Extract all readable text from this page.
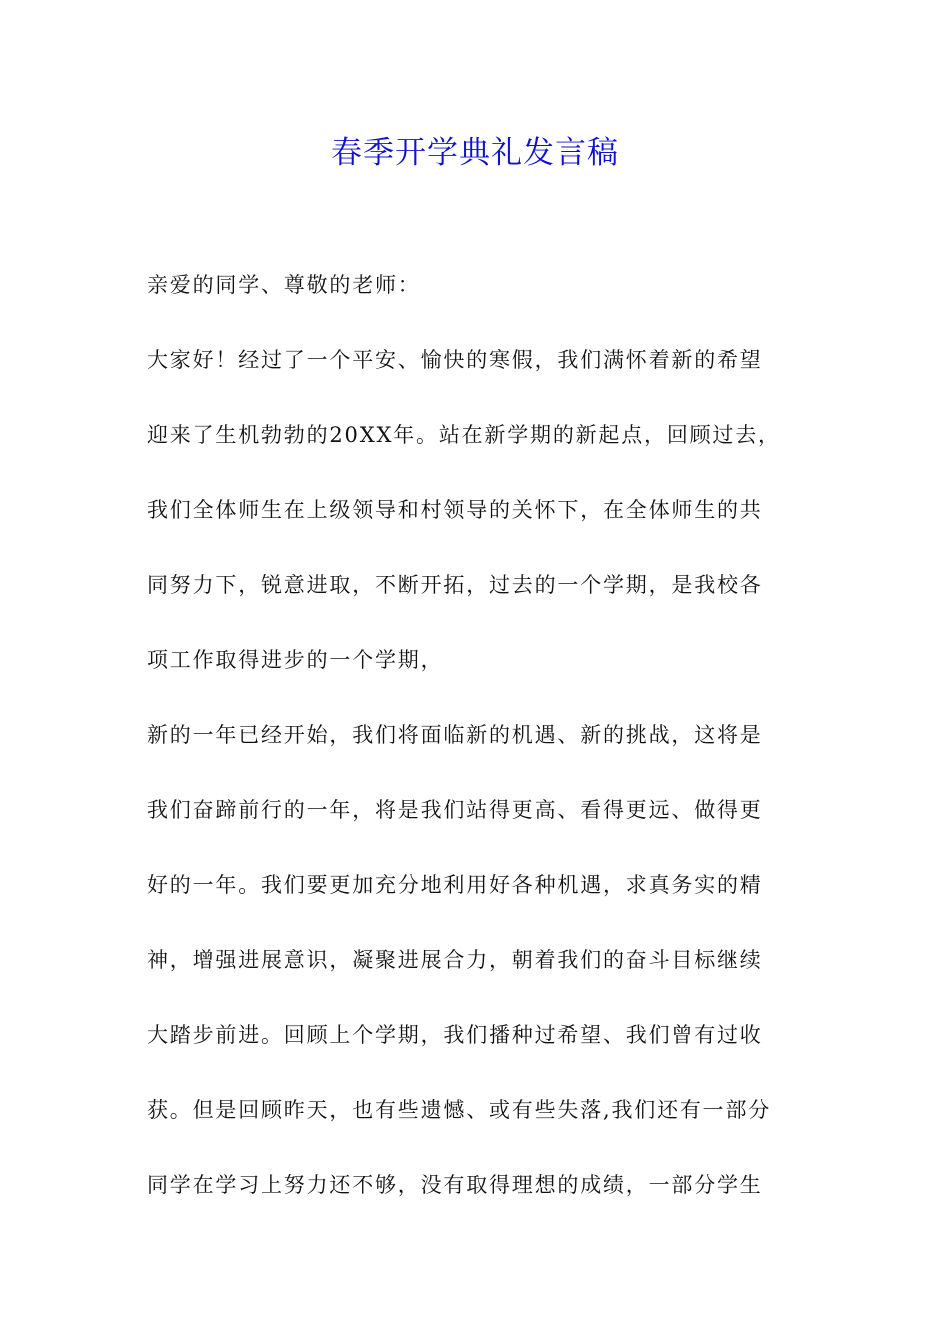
春季开学典礼发言稿
亲爱的同学、尊敬的老师：
大家好！经过了一个平安、愉快的寒假，我们满怀着新的希望
迎来了生机勃勃的20XX年。站在新学期的新起点，回顾过去，
我们全体师生在上级领导和村领导的关怀下，在全体师生的共
同努力下，锐意进取，不断开拓，过去的一个学期，是我校各
项工作取得进步的一个学期，
新的一年已经开始，我们将面临新的机遇、新的挑战，这将是
我们奋蹄前行的一年，将是我们站得更高、看得更远、做得更
好的一年。我们要更加充分地利用好各种机遇，求真务实的精
神，增强进展意识，凝聚进展合力，朝着我们的奋斗目标继续
大踏步前进。回顾上个学期，我们播种过希望、我们曾有过收
获。但是回顾昨天，也有些遗憾、或有些失落,我们还有一部分
同学在学习上努力还不够，没有取得理想的成绩，一部分学生
